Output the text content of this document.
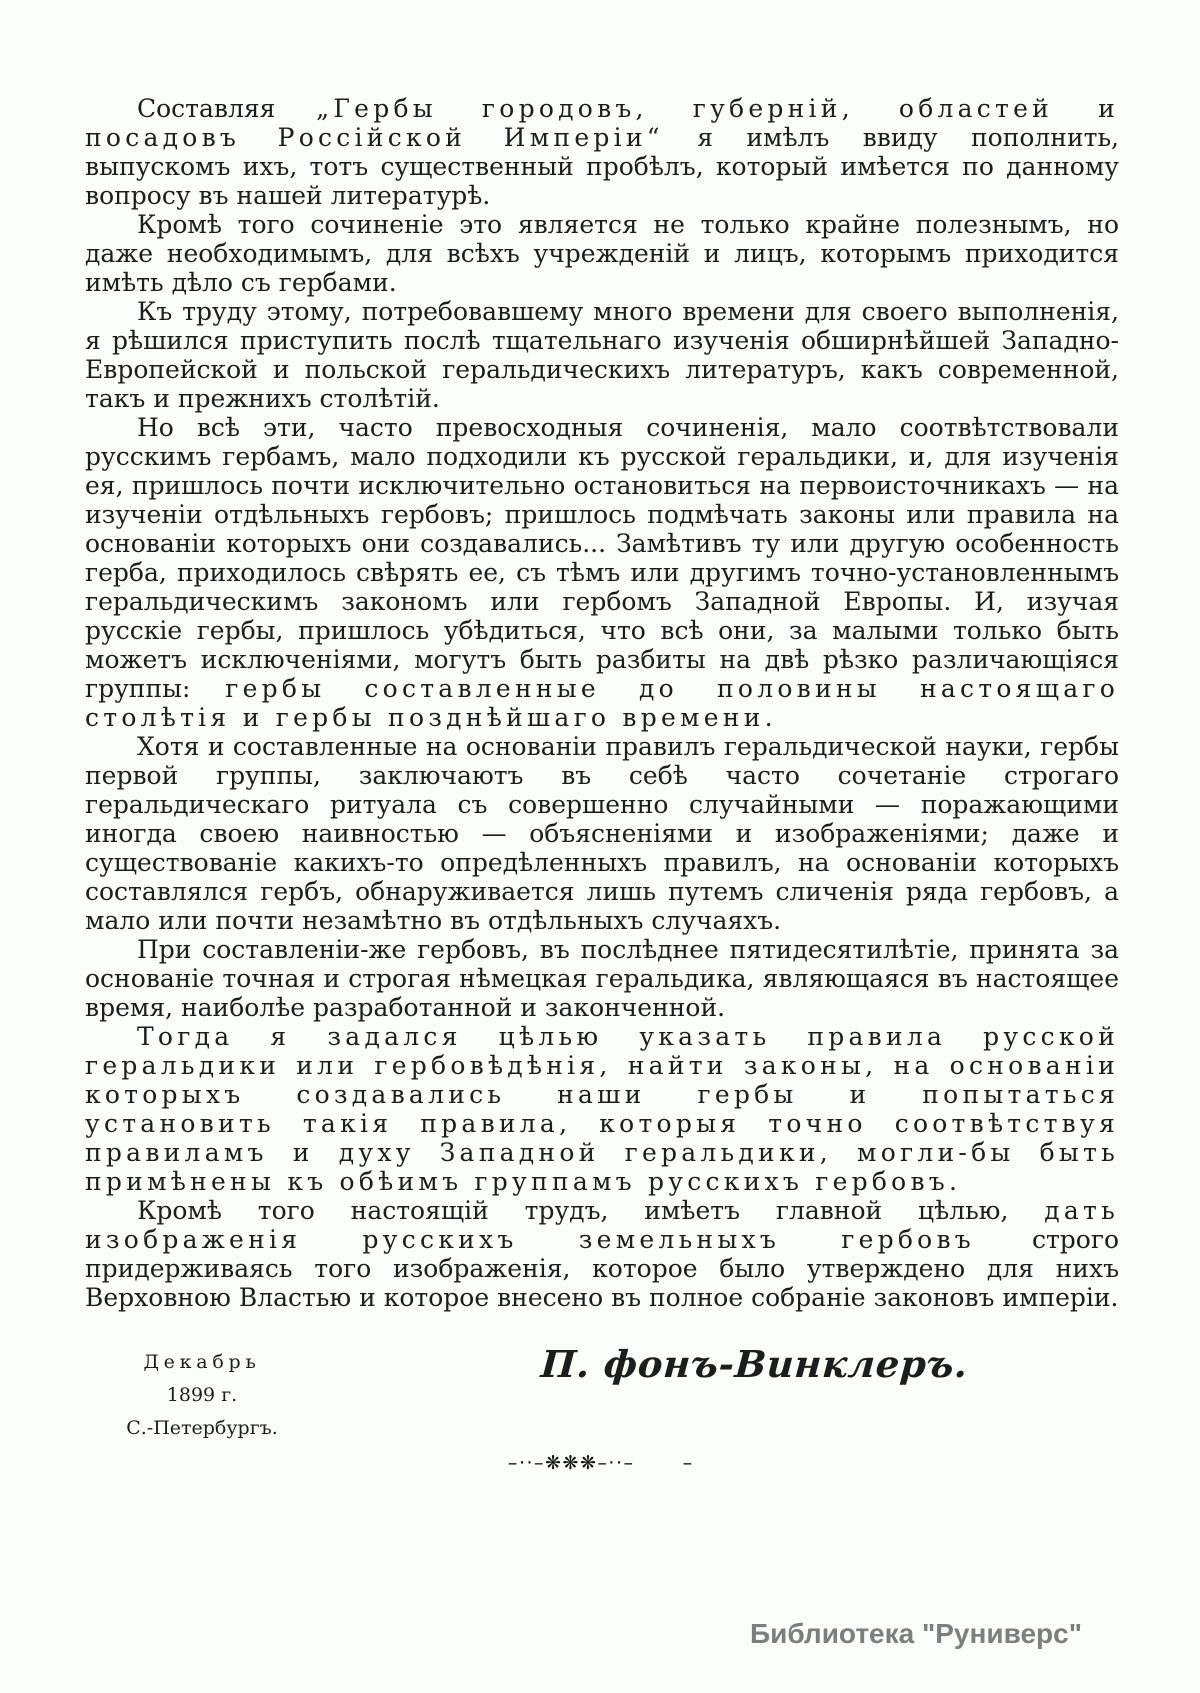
Составляя „Гербы городовъ, губерній, областей и посадовъ Россійской Имперіи“ я имѣлъ ввиду пополнить, выпускомъ ихъ, тотъ существенный пробѣлъ, который имѣется по данному вопросу въ нашей литературѣ.

Кромѣ того сочиненіе это является не только крайне полезнымъ, но даже необходимымъ, для всѣхъ учрежденій и лицъ, которымъ приходится имѣть дѣло съ гербами.

Къ труду этому, потребовавшему много времени для своего выполненія, я рѣшился приступить послѣ тщательнаго изученія обширнѣйшей Западно-Европейской и польской геральдическихъ литературъ, какъ современной, такъ и прежнихъ столѣтій.

Но всѣ эти, часто превосходныя сочиненія, мало соотвѣтствовали русскимъ гербамъ, мало подходили къ русской геральдики, и, для изученія ея, пришлось почти исключительно остановиться на первоисточникахъ — на изученіи отдѣльныхъ гербовъ; пришлось подмѣчать законы или правила на основаніи которыхъ они создавались... Замѣтивъ ту или другую особенность герба, приходилось свѣрять ее, съ тѣмъ или другимъ точно-установленнымъ геральдическимъ закономъ или гербомъ Западной Европы. И, изучая русскіе гербы, пришлось убѣдиться, что всѣ они, за малыми только быть можетъ исключеніями, могутъ быть разбиты на двѣ рѣзко различающіяся группы: гербы составленные до половины настоящаго столѣтія и гербы позднѣйшаго времени.

Хотя и составленные на основаніи правилъ геральдической науки, гербы первой группы, заключаютъ въ себѣ часто сочетаніе строгаго геральдическаго ритуала съ совершенно случайными — поражающими иногда своею наивностью — объясненіями и изображеніями; даже и существованіе какихъ-то опредѣленныхъ правилъ, на основаніи которыхъ составлялся гербъ, обнаруживается лишь путемъ сличенія ряда гербовъ, а мало или почти незамѣтно въ отдѣльныхъ случаяхъ.

При составленіи-же гербовъ, въ послѣднее пятидесятилѣтіе, принята за основаніе точная и строгая нѣмецкая геральдика, являющаяся въ настоящее время, наиболѣе разработанной и законченной.

Тогда я задался цѣлью указать правила русской геральдики или гербовѣдѣнія, найти законы, на основаніи которыхъ создавались наши гербы и попытаться установить такія правила, которыя точно соотвѣтствуя правиламъ и духу Западной геральдики, могли-бы быть примѣнены къ обѣимъ группамъ русскихъ гербовъ.

Кромѣ того настоящій трудъ, имѣетъ главной цѣлью, дать изображенія русскихъ земельныхъ гербовъ строго придерживаясь того изображенія, которое было утверждено для нихъ Верховною Властью и которое внесено въ полное собраніе законовъ имперіи.

Декабрь
1899 г.
С.-Петербургъ.
П. фонъ-Винклеръ.
–··–❋❋❋–··–	–
Библиотека "Руниверс"
